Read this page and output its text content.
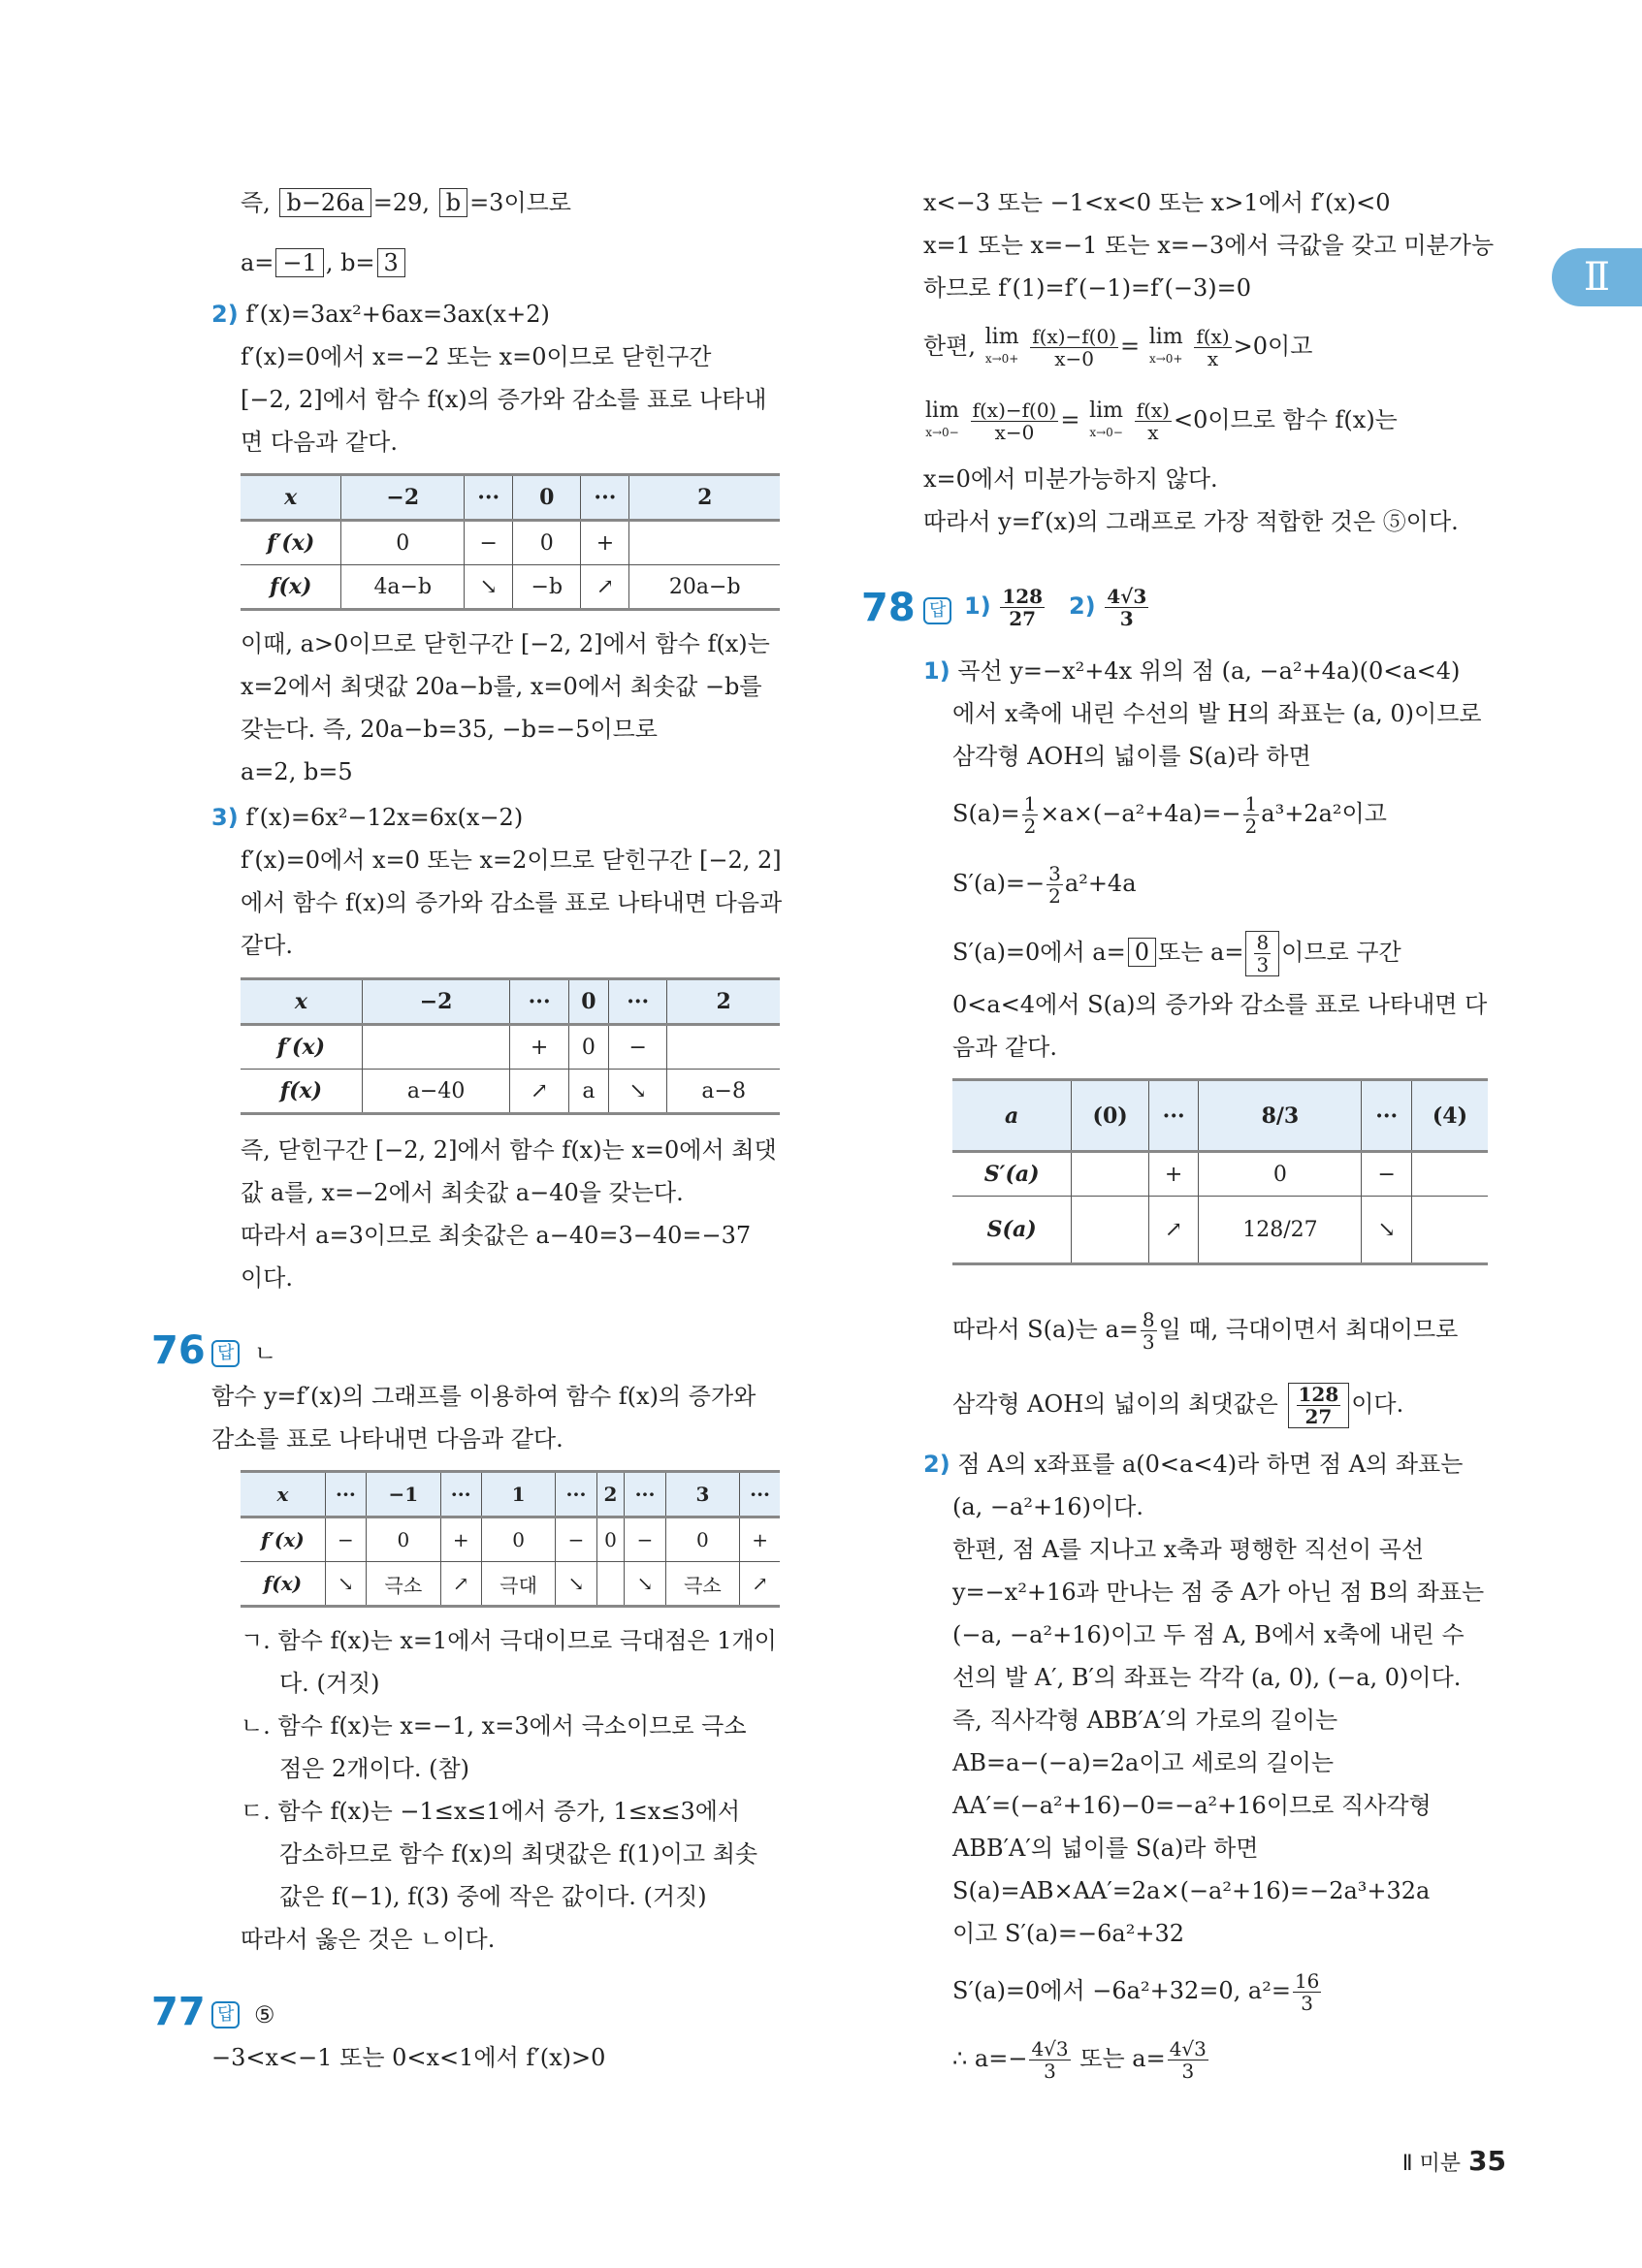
Ⅱ
즉, b−26a =29, b =3이므로
a= −1 , b= 3
2) f′(x)=3ax²+6ax=3ax(x+2)
f′(x)=0에서 x=−2 또는 x=0이므로 닫힌구간
[−2, 2]에서 함수 f(x)의 증가와 감소를 표로 나타내
면 다음과 같다.
x	−2	···	0	···	2
f′(x)	0	−	0	+	
f(x)	4a−b	↘	−b	↗	20a−b
이때, a>0이므로 닫힌구간 [−2, 2]에서 함수 f(x)는
x=2에서 최댓값 20a−b를, x=0에서 최솟값 −b를
갖는다. 즉, 20a−b=35, −b=−5이므로
a=2, b=5
3) f′(x)=6x²−12x=6x(x−2)
f′(x)=0에서 x=0 또는 x=2이므로 닫힌구간 [−2, 2]
에서 함수 f(x)의 증가와 감소를 표로 나타내면 다음과
같다.
x	−2	···	0	···	2
f′(x)		+	0	−	
f(x)	a−40	↗	a	↘	a−8
즉, 닫힌구간 [−2, 2]에서 함수 f(x)는 x=0에서 최댓
값 a를, x=−2에서 최솟값 a−40을 갖는다.
따라서 a=3이므로 최솟값은 a−40=3−40=−37
이다.
76 답 ㄴ
함수 y=f′(x)의 그래프를 이용하여 함수 f(x)의 증가와
감소를 표로 나타내면 다음과 같다.
x	···	−1	···	1	···	2	···	3	···
f′(x)	−	0	+	0	−	0	−	0	+
f(x)	↘	극소	↗	극대	↘		↘	극소	↗
ㄱ. 함수 f(x)는 x=1에서 극대이므로 극대점은 1개이
다. (거짓)
ㄴ. 함수 f(x)는 x=−1, x=3에서 극소이므로 극소
점은 2개이다. (참)
ㄷ. 함수 f(x)는 −1≤x≤1에서 증가, 1≤x≤3에서
감소하므로 함수 f(x)의 최댓값은 f(1)이고 최솟
값은 f(−1), f(3) 중에 작은 값이다. (거짓)
따라서 옳은 것은 ㄴ이다.
77 답 ⑤
−3<x<−1 또는 0<x<1에서 f′(x)>0
x<−3 또는 −1<x<0 또는 x>1에서 f′(x)<0
x=1 또는 x=−1 또는 x=−3에서 극값을 갖고 미분가능
하므로 f′(1)=f′(−1)=f′(−3)=0
한편, lim
x→0+
$\frac{f(x)-f(0)}{x-0} = \lim$
x→0+
$\frac{f(x)}{x} >0$이고
lim
x→0−
$\frac{f(x)-f(0)}{x-0} = \lim$
x→0−
$\frac{f(x)}{x} <0$이므로 함수 f(x)는
x=0에서 미분가능하지 않다.
따라서 y=f′(x)의 그래프로 가장 적합한 것은 ⑤이다.
78 답 $1) \frac{128}{27} 2) \frac{4√3}{3}$
1) 곡선 y=−x²+4x 위의 점 (a, −a²+4a)(0<a<4)
에서 x축에 내린 수선의 발 H의 좌표는 (a, 0)이므로
삼각형 AOH의 넓이를 S(a)라 하면
$S(a)= \frac{1}{2} \times a\times(-a^2+4a)=- \frac{1}{2} a^3+2a^2$이고
$S'(a)=- \frac{3}{2} a^2+4a$
S′(a)=0에서 a= 0 또는 $a= \frac{8}{3}$ 이므로 구간
0<a<4에서 S(a)의 증가와 감소를 표로 나타내면 다
음과 같다.
a	(0)	···	8/3	···	(4)
S′(a)		+	0	−	
S(a)		↗	128/27	↘	
따라서 S(a)는 $a= \frac{8}{3}$ 일 때, 극대이면서 최대이므로
삼각형 AOH의 넓이의 최댓값은 $\frac{128}{27}$ 이다.
2) 점 A의 x좌표를 a(0<a<4)라 하면 점 A의 좌표는
(a, −a²+16)이다.
한편, 점 A를 지나고 x축과 평행한 직선이 곡선
y=−x²+16과 만나는 점 중 A가 아닌 점 B의 좌표는
(−a, −a²+16)이고 두 점 A, B에서 x축에 내린 수
선의 발 A′, B′의 좌표는 각각 (a, 0), (−a, 0)이다.
즉, 직사각형 ABB′A′의 가로의 길이는
AB=a−(−a)=2a이고 세로의 길이는
AA′=(−a²+16)−0=−a²+16이므로 직사각형
ABB′A′의 넓이를 S(a)라 하면
S(a)=AB×AA′=2a×(−a²+16)=−2a³+32a
이고 S′(a)=−6a²+32
S′(a)=0에서 −6a²+32=0, $a^2= \frac{16}{3}$
∴ $a=- \frac{4√3}{3}$ 또는 $a= \frac{4√3}{3}$
Ⅱ 미분 35
